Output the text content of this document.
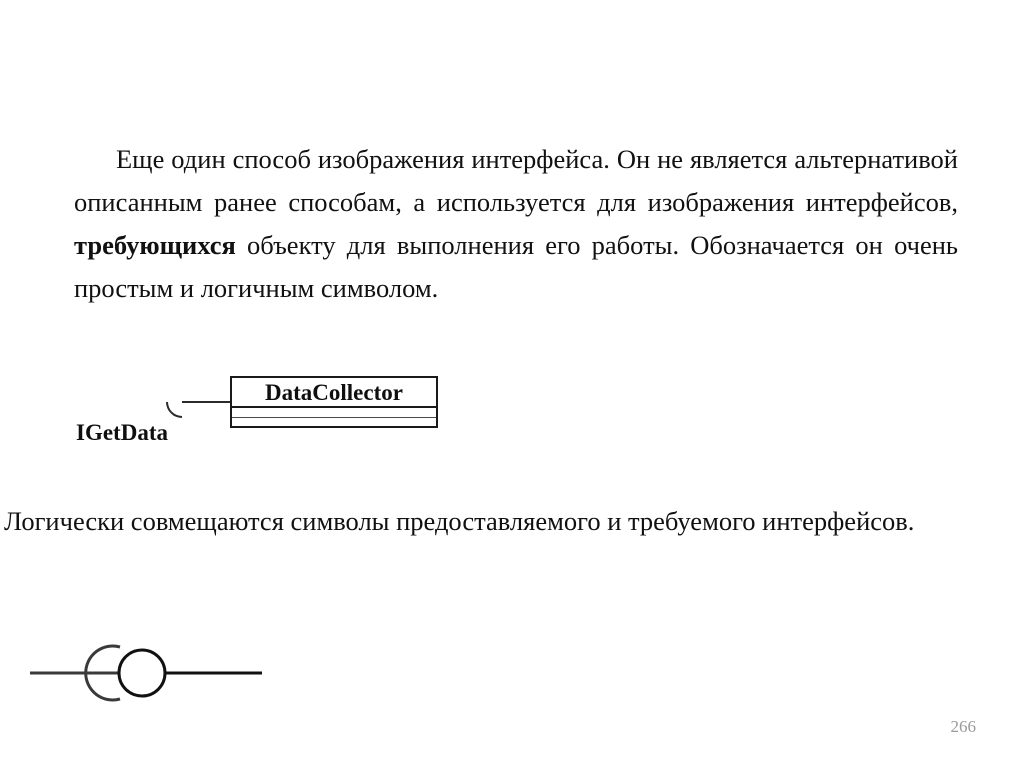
Еще один способ изображения интерфейса. Он не является альтернативой описанным ранее способам, а используется для изображения интерфейсов, требующихся объекту для выполнения его работы. Обозначается он очень простым и логичным символом.
IGetData
DataCollector
Логически совмещаются символы предоставляемого и требуемого интерфейсов.
266
